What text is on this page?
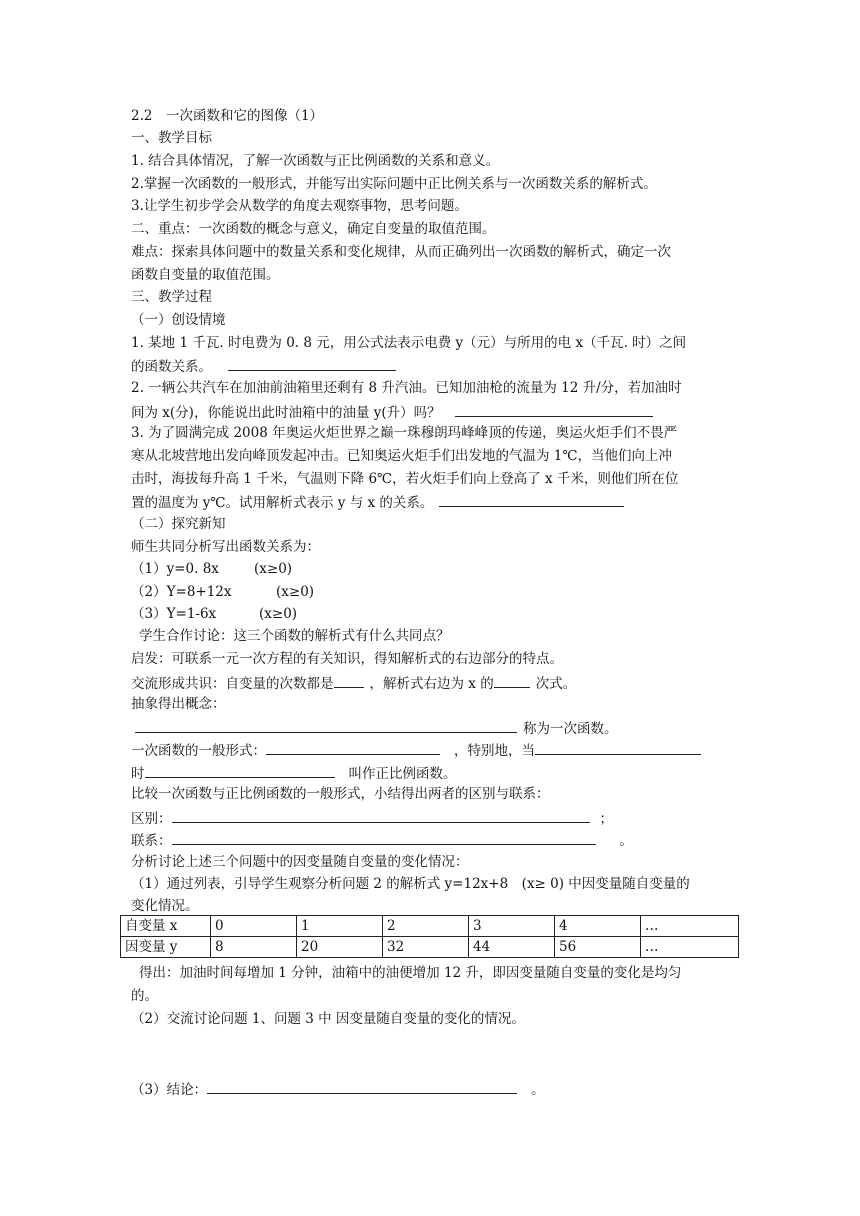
2.2　一次函数和它的图像（1）
一、教学目标
1. 结合具体情况，了解一次函数与正比例函数的关系和意义。
2.掌握一次函数的一般形式，并能写出实际问题中正比例关系与一次函数关系的解析式。
3.让学生初步学会从数学的角度去观察事物，思考问题。
二、重点：一次函数的概念与意义，确定自变量的取值范围。
难点：探索具体问题中的数量关系和变化规律，从而正确列出一次函数的解析式，确定一次
函数自变量的取值范围。
三、教学过程
（一）创设情境
1. 某地 1 千瓦. 时电费为 0. 8 元，用公式法表示电费 y（元）与所用的电 x（千瓦. 时）之间
的函数关系。
2. 一辆公共汽车在加油前油箱里还剩有 8 升汽油。已知加油枪的流量为 12 升/分，若加油时
间为 x(分)，你能说出此时油箱中的油量 y(升）吗？
3. 为了圆满完成 2008 年奥运火炬世界之巅一珠穆朗玛峰峰顶的传递，奥运火炬手们不畏严
寒从北坡营地出发向峰顶发起冲击。已知奥运火炬手们出发地的气温为 1℃，当他们向上冲
击时，海拔每升高 1 千米，气温则下降 6℃，若火炬手们向上登高了 x 千米，则他们所在位
置的温度为 y℃。试用解析式表示 y 与 x 的关系。
（二）探究新知
师生共同分析写出函数关系为：
（1）y=0. 8x	(x≥0)
（2）Y=8+12x	(x≥0)
（3）Y=1-6x	(x≥0)
学生合作讨论：这三个函数的解析式有什么共同点？
启发：可联系一元一次方程的有关知识，得知解析式的右边部分的特点。
交流形成共识：自变量的次数都是	，解析式右边为 x 的	次式。
抽象得出概念：
称为一次函数。
一次函数的一般形式：	，特别地，当
时	叫作正比例函数。
比较一次函数与正比例函数的一般形式，小结得出两者的区别与联系：
区别：	；
联系：	。
分析讨论上述三个问题中的因变量随自变量的变化情况：
（1）通过列表，引导学生观察分析问题 2 的解析式 y=12x+8　(x≥ 0) 中因变量随自变量的
变化情况。
自变量 x	0	1	2	3	4	…
因变量 y	8	20	32	44	56	…
得出：加油时间每增加 1 分钟，油箱中的油便增加 12 升，即因变量随自变量的变化是均匀
的。
（2）交流讨论问题 1、问题 3 中 因变量随自变量的变化的情况。
（3）结论：	。
